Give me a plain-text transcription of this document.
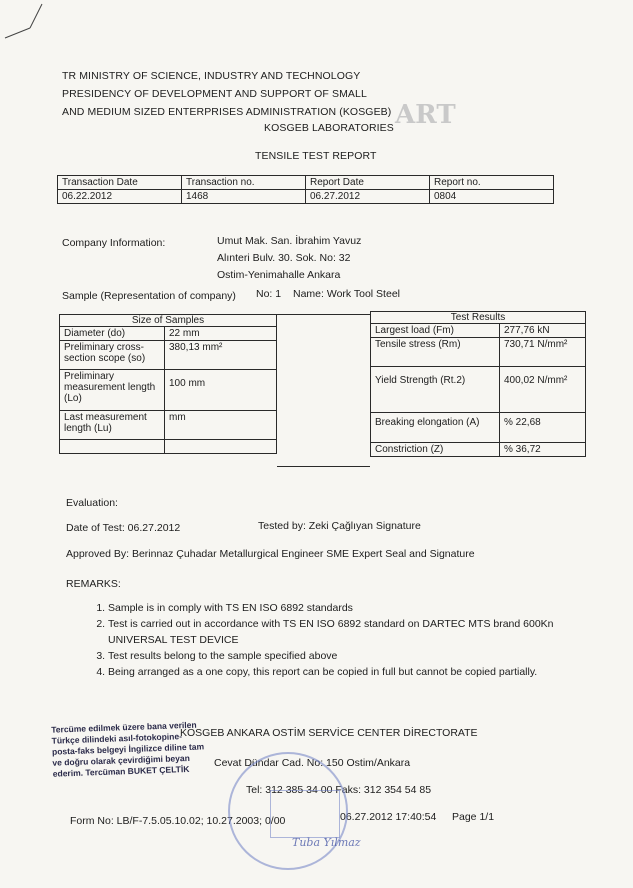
ART
TR MINISTRY OF SCIENCE, INDUSTRY AND TECHNOLOGY
PRESIDENCY OF DEVELOPMENT AND SUPPORT OF SMALL
AND MEDIUM SIZED ENTERPRISES ADMINISTRATION (KOSGEB)
KOSGEB LABORATORIES
TENSILE TEST REPORT
Transaction Date	Transaction no.	Report Date	Report no.
06.22.2012	1468	06.27.2012	0804
Company Information:	Umut Mak. San. İbrahim Yavuz
Alınteri Bulv. 30. Sok. No: 32
Ostim-Yenimahalle Ankara
Sample (Representation of company) No: 1 Name: Work Tool Steel
Size of Samples	
Diameter (do)	22 mm
Preliminary cross-section scope (so)	380,13 mm²
Preliminary measurement length (Lo)	100 mm
Last measurement length (Lu)	mm

Test Results	
Largest load (Fm)	277,76 kN
Tensile stress (Rm)	730,71 N/mm²
Yield Strength (Rt.2)	400,02 N/mm²
Breaking elongation (A)	% 22,68
Constriction (Z)	% 36,72
Evaluation:
Date of Test: 06.27.2012	Tested by: Zeki Çağlıyan Signature
Approved By: Berinnaz Çuhadar Metallurgical Engineer SME Expert Seal and Signature
REMARKS:
1. Sample is in comply with TS EN ISO 6892 standards
2. Test is carried out in accordance with TS EN ISO 6892 standard on DARTEC MTS brand 600Kn UNIVERSAL TEST DEVICE
3. Test results belong to the sample specified above
4. Being arranged as a one copy, this report can be copied in full but cannot be copied partially.
KOSGEB ANKARA OSTİM SERVİCE CENTER DİRECTORATE
Cevat Dündar Cad. No: 150 Ostim/Ankara
Tel: 312 385 34 00 Faks: 312 354 54 85
Form No: LB/F-7.5.05.10.02; 10.27.2003; 0/00	06.27.2012 17:40:54 Page 1/1
Tercüme edilmek üzere bana verilen Türkçe dilindeki asıl-fotokopine-posta-faks belgeyi İngilizce diline tam ve doğru olarak çevirdiğimi beyan ederim. Tercüman BUKET ÇELTİK
Tuba Yılmaz
